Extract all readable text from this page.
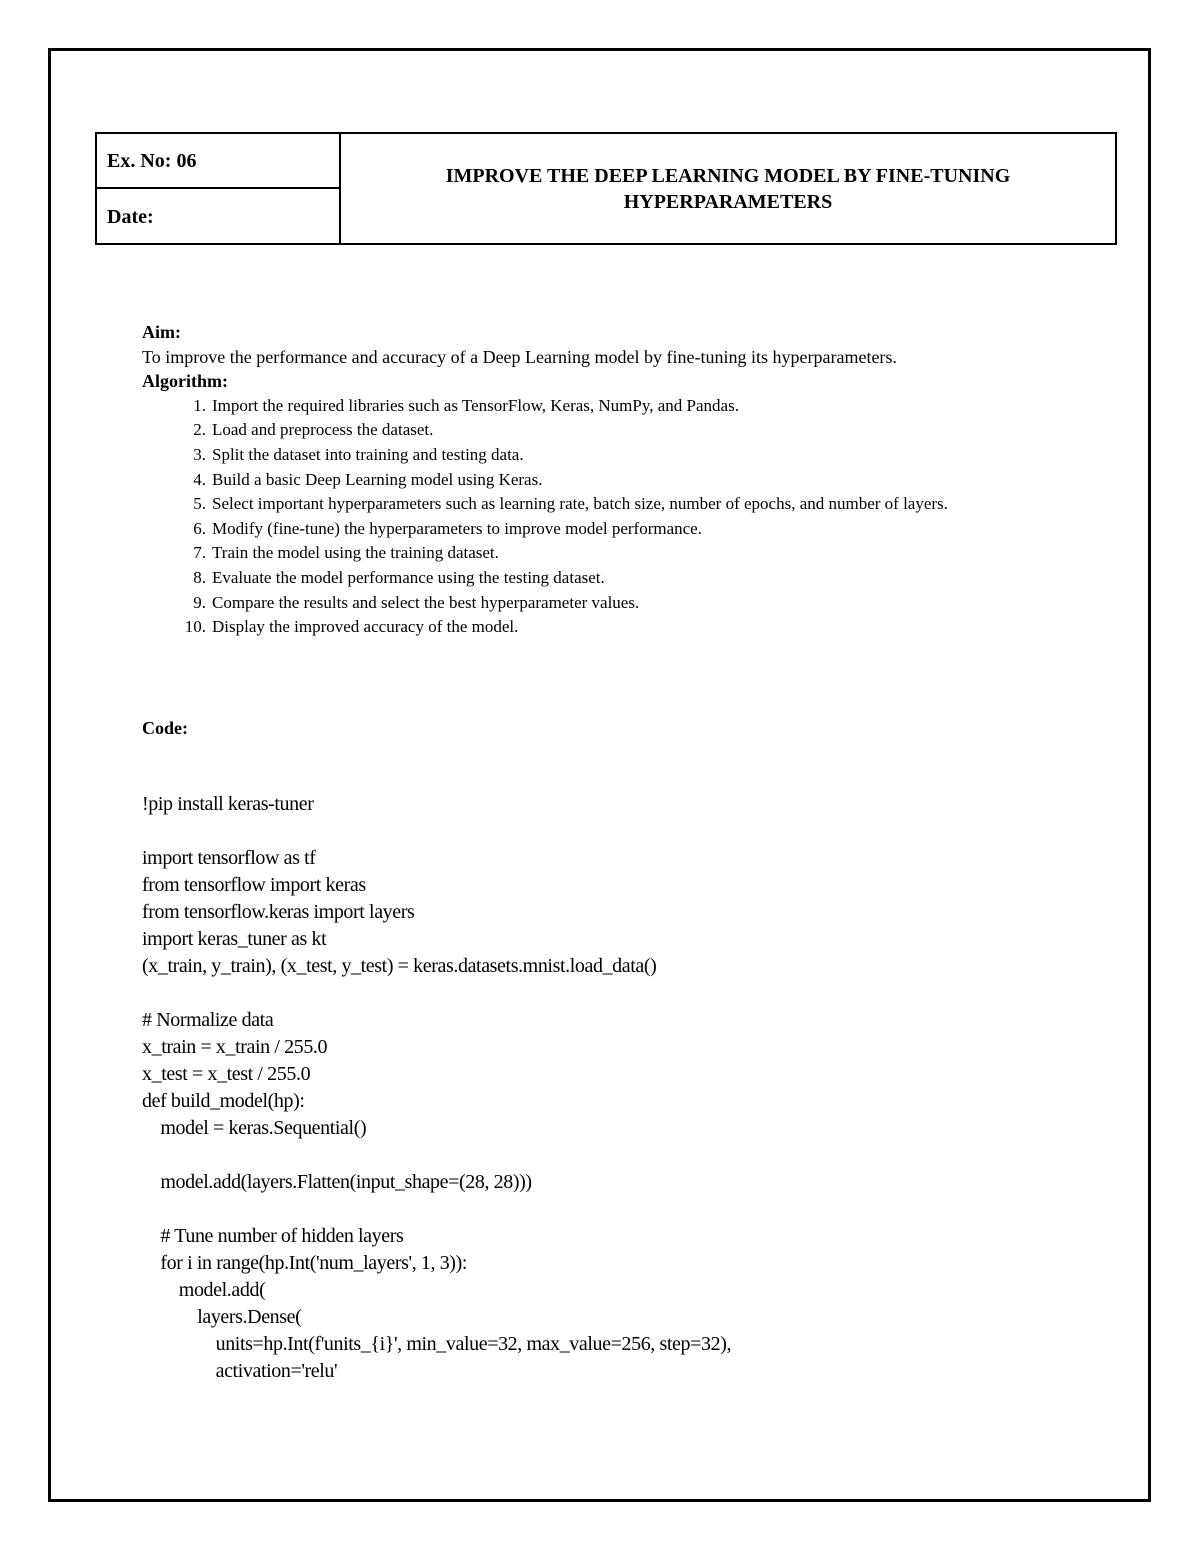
Ex. No: 06
Date:
IMPROVE THE DEEP LEARNING MODEL BY FINE-TUNING
HYPERPARAMETERS
Aim:
To improve the performance and accuracy of a Deep Learning model by fine-tuning its hyperparameters.
Algorithm:
1. Import the required libraries such as TensorFlow, Keras, NumPy, and Pandas.
2. Load and preprocess the dataset.
3. Split the dataset into training and testing data.
4. Build a basic Deep Learning model using Keras.
5. Select important hyperparameters such as learning rate, batch size, number of epochs, and number of layers.
6. Modify (fine-tune) the hyperparameters to improve model performance.
7. Train the model using the training dataset.
8. Evaluate the model performance using the testing dataset.
9. Compare the results and select the best hyperparameter values.
10. Display the improved accuracy of the model.
Code:
!pip install keras-tuner
import tensorflow as tf
from tensorflow import keras
from tensorflow.keras import layers
import keras_tuner as kt
(x_train, y_train), (x_test, y_test) = keras.datasets.mnist.load_data()
# Normalize data
x_train = x_train / 255.0
x_test = x_test / 255.0
def build_model(hp):
model = keras.Sequential()
model.add(layers.Flatten(input_shape=(28, 28)))
# Tune number of hidden layers
for i in range(hp.Int('num_layers', 1, 3)):
model.add(
layers.Dense(
units=hp.Int(f'units_{i}', min_value=32, max_value=256, step=32),
activation='relu'
